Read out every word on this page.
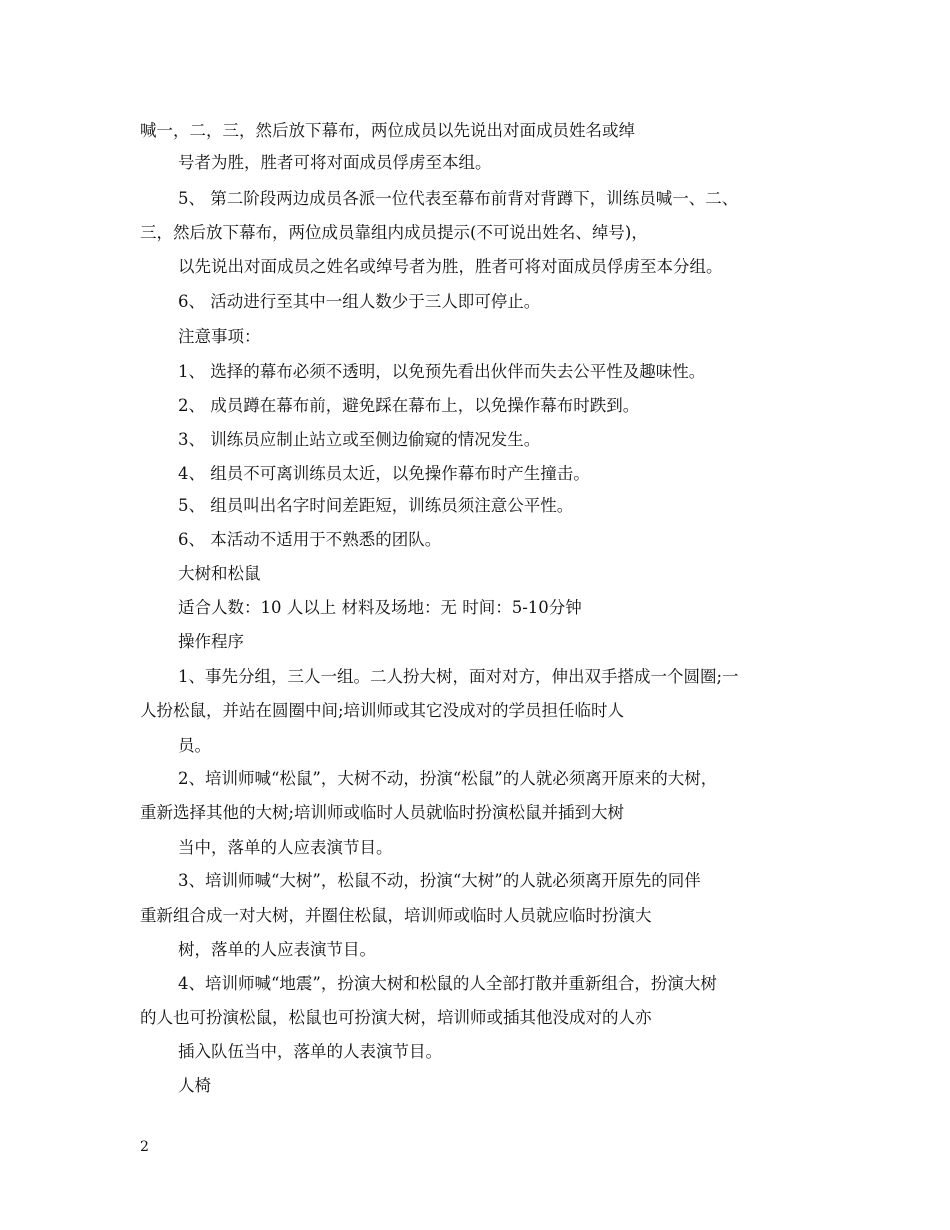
喊一，二，三，然后放下幕布，两位成员以先说出对面成员姓名或绰
号者为胜，胜者可将对面成员俘虏至本组。
5、 第二阶段两边成员各派一位代表至幕布前背对背蹲下，训练员喊一、二、
三，然后放下幕布，两位成员靠组内成员提示(不可说出姓名、绰号)，
以先说出对面成员之姓名或绰号者为胜，胜者可将对面成员俘虏至本分组。
6、 活动进行至其中一组人数少于三人即可停止。
注意事项：
1、 选择的幕布必须不透明，以免预先看出伙伴而失去公平性及趣味性。
2、 成员蹲在幕布前，避免踩在幕布上，以免操作幕布时跌到。
3、 训练员应制止站立或至侧边偷窥的情况发生。
4、 组员不可离训练员太近，以免操作幕布时产生撞击。
5、 组员叫出名字时间差距短，训练员须注意公平性。
6、 本活动不适用于不熟悉的团队。
大树和松鼠
适合人数：10 人以上 材料及场地：无 时间：5-10分钟
操作程序
1、事先分组，三人一组。二人扮大树，面对对方，伸出双手搭成一个圆圈;一
人扮松鼠，并站在圆圈中间;培训师或其它没成对的学员担任临时人
员。
2、培训师喊“松鼠”，大树不动，扮演“松鼠”的人就必须离开原来的大树，
重新选择其他的大树;培训师或临时人员就临时扮演松鼠并插到大树
当中，落单的人应表演节目。
3、培训师喊“大树”，松鼠不动，扮演“大树”的人就必须离开原先的同伴
重新组合成一对大树，并圈住松鼠，培训师或临时人员就应临时扮演大
树，落单的人应表演节目。
4、培训师喊“地震”，扮演大树和松鼠的人全部打散并重新组合，扮演大树
的人也可扮演松鼠，松鼠也可扮演大树，培训师或插其他没成对的人亦
插入队伍当中，落单的人表演节目。
人椅
2
